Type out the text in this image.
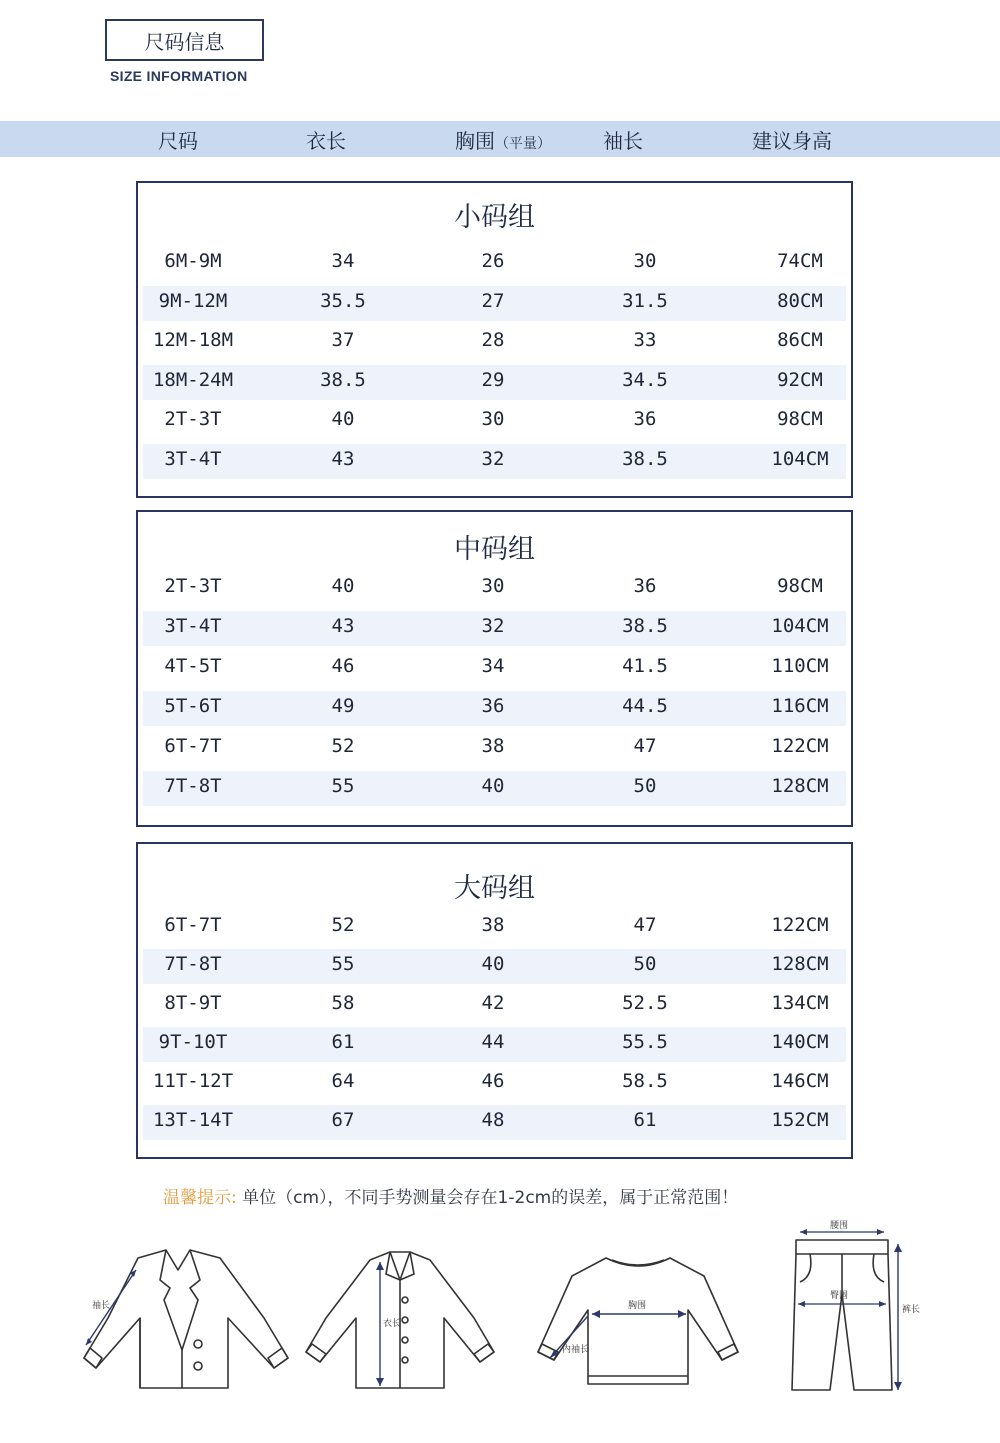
尺码信息
SIZE INFORMATION
尺码	衣长	胸围（平量）	袖长	建议身高
小码组
6M-9M	34	26	30	74CM
9M-12M	35.5	27	31.5	80CM
12M-18M	37	28	33	86CM
18M-24M	38.5	29	34.5	92CM
2T-3T	40	30	36	98CM
3T-4T	43	32	38.5	104CM
中码组
2T-3T	40	30	36	98CM
3T-4T	43	32	38.5	104CM
4T-5T	46	34	41.5	110CM
5T-6T	49	36	44.5	116CM
6T-7T	52	38	47	122CM
7T-8T	55	40	50	128CM
大码组
6T-7T	52	38	47	122CM
7T-8T	55	40	50	128CM
8T-9T	58	42	52.5	134CM
9T-10T	61	44	55.5	140CM
11T-12T	64	46	58.5	146CM
13T-14T	67	48	61	152CM
温馨提示: 单位（cm），不同手势测量会存在1-2cm的误差，属于正常范围！
袖长
衣长
胸围
内袖长
腰围
臀围
裤长
